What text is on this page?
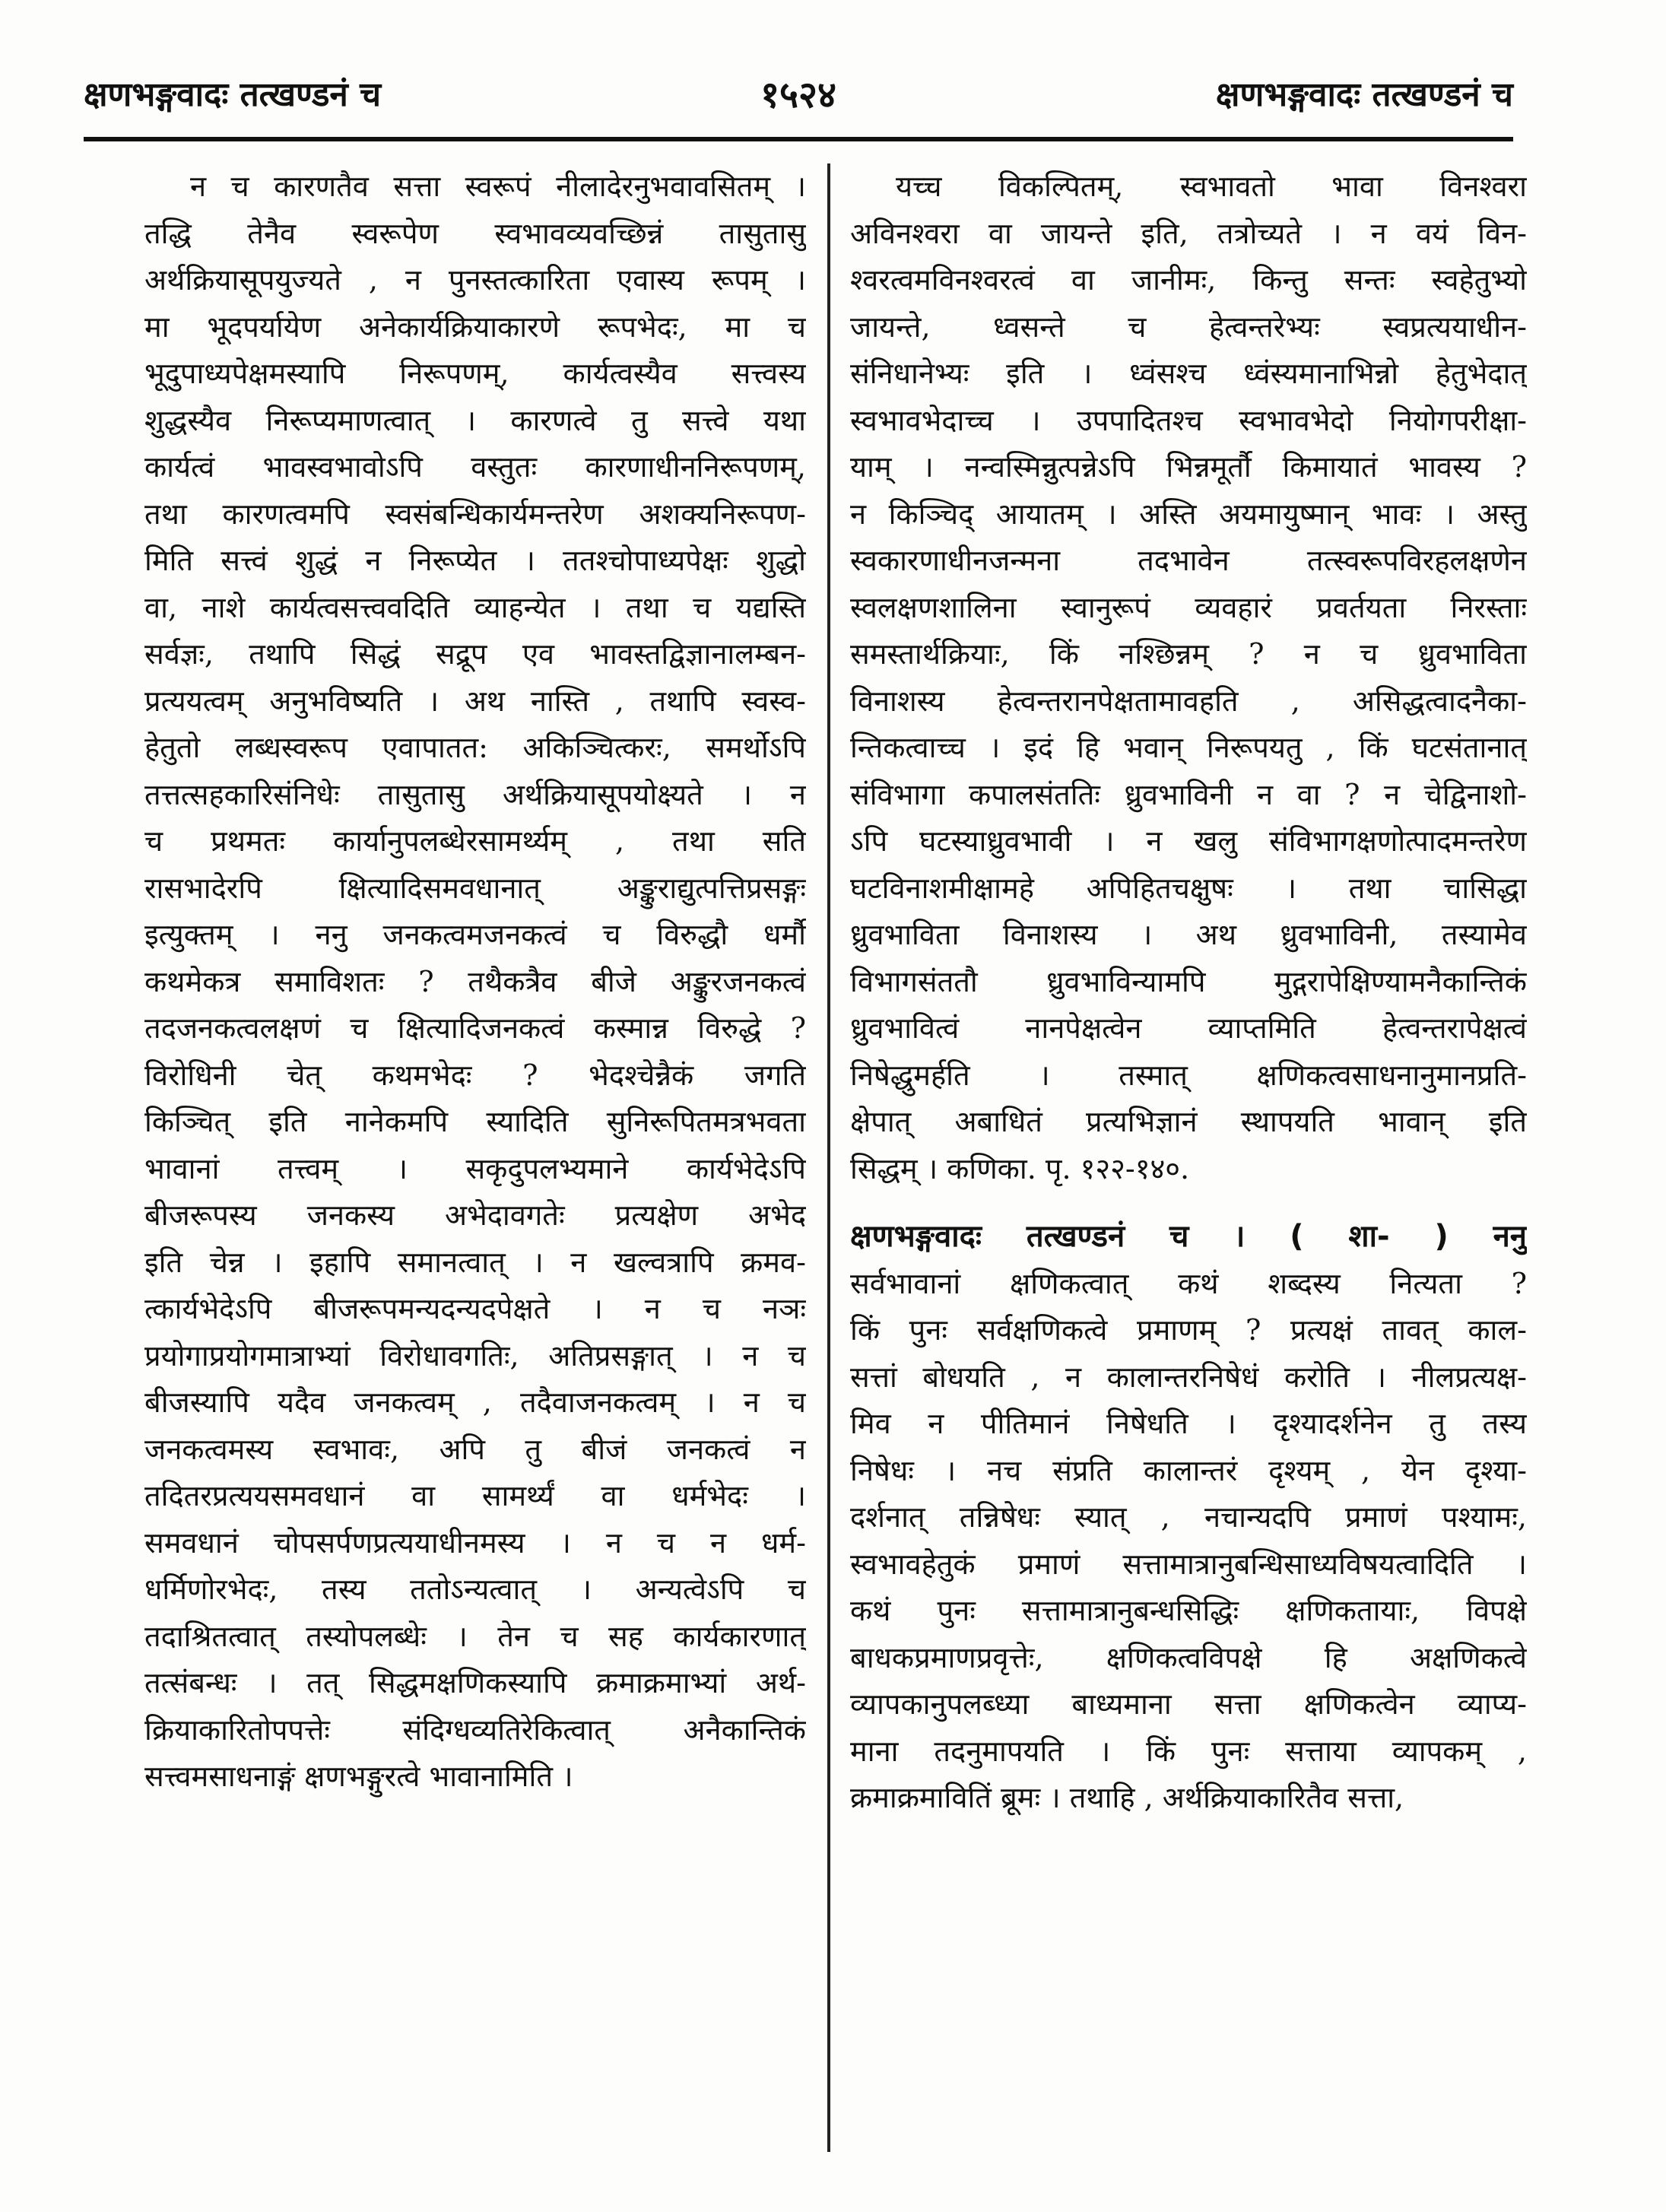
क्षणभङ्गवादः तत्खण्डनं च	१५२४	क्षणभङ्गवादः तत्खण्डनं च
न च कारणतैव सत्ता स्वरूपं नीलादेरनुभवावसितम् ।
तद्धि तेनैव स्वरूपेण स्वभावव्यवच्छिन्नं तासुतासु
अर्थक्रियासूपयुज्यते , न पुनस्तत्कारिता एवास्य रूपम् ।
मा भूदपर्यायेण अनेकार्यक्रियाकारणे रूपभेदः, मा च
भूदुपाध्यपेक्षमस्यापि निरूपणम्, कार्यत्वस्यैव सत्त्वस्य
शुद्धस्यैव निरूप्यमाणत्वात् । कारणत्वे तु सत्त्वे यथा
कार्यत्वं भावस्वभावोऽपि वस्तुतः कारणाधीननिरूपणम्,
तथा कारणत्वमपि स्वसंबन्धिकार्यमन्तरेण अशक्यनिरूपण-
मिति सत्त्वं शुद्धं न निरूप्येत । ततश्चोपाध्यपेक्षः शुद्धो
वा, नाशे कार्यत्वसत्त्ववदिति व्याहन्येत । तथा च यद्यस्ति
सर्वज्ञः, तथापि सिद्धं सद्रूप एव भावस्तद्विज्ञानालम्बन-
प्रत्ययत्वम् अनुभविष्यति । अथ नास्ति , तथापि स्वस्व-
हेतुतो लब्धस्वरूप एवापातत: अकिञ्चित्करः, समर्थोऽपि
तत्तत्सहकारिसंनिधेः तासुतासु अर्थक्रियासूपयोक्ष्यते । न
च प्रथमतः कार्यानुपलब्धेरसामर्थ्यम् , तथा सति
रासभादेरपि क्षित्यादिसमवधानात् अङ्कुराद्युत्पत्तिप्रसङ्गः
इत्युक्तम् । ननु जनकत्वमजनकत्वं च विरुद्धौ धर्मौ
कथमेकत्र समाविशतः ? तथैकत्रैव बीजे अङ्कुरजनकत्वं
तदजनकत्वलक्षणं च क्षित्यादिजनकत्वं कस्मान्न विरुद्धे ?
विरोधिनी चेत् कथमभेदः ? भेदश्चेन्नैकं जगति
किञ्चित् इति नानेकमपि स्यादिति सुनिरूपितमत्रभवता
भावानां तत्त्वम् । सकृदुपलभ्यमाने कार्यभेदेऽपि
बीजरूपस्य जनकस्य अभेदावगतेः प्रत्यक्षेण अभेद
इति चेन्न । इहापि समानत्वात् । न खल्वत्रापि क्रमव-
त्कार्यभेदेऽपि बीजरूपमन्यदन्यदपेक्षते । न च नञः
प्रयोगाप्रयोगमात्राभ्यां विरोधावगतिः, अतिप्रसङ्गात् । न च
बीजस्यापि यदैव जनकत्वम् , तदैवाजनकत्वम् । न च
जनकत्वमस्य स्वभावः, अपि तु बीजं जनकत्वं न
तदितरप्रत्ययसमवधानं वा सामर्थ्यं वा धर्मभेदः ।
समवधानं चोपसर्पणप्रत्ययाधीनमस्य । न च न धर्म-
धर्मिणोरभेदः, तस्य ततोऽन्यत्वात् । अन्यत्वेऽपि च
तदाश्रितत्वात् तस्योपलब्धेः । तेन च सह कार्यकारणात्
तत्संबन्धः । तत् सिद्धमक्षणिकस्यापि क्रमाक्रमाभ्यां अर्थ-
क्रियाकारितोपपत्तेः संदिग्धव्यतिरेकित्वात् अनैकान्तिकं
सत्त्वमसाधनाङ्गं क्षणभङ्गुरत्वे भावानामिति ।
यच्च विकल्पितम्, स्वभावतो भावा विनश्वरा
अविनश्वरा वा जायन्ते इति, तत्रोच्यते । न वयं विन-
श्वरत्वमविनश्वरत्वं वा जानीमः, किन्तु सन्तः स्वहेतुभ्यो
जायन्ते, ध्वसन्ते च हेत्वन्तरेभ्यः स्वप्रत्ययाधीन-
संनिधानेभ्यः इति । ध्वंसश्च ध्वंस्यमानाभिन्नो हेतुभेदात्
स्वभावभेदाच्च । उपपादितश्च स्वभावभेदो नियोगपरीक्षा-
याम् । नन्वस्मिन्नुत्पन्नेऽपि भिन्नमूर्तौ किमायातं भावस्य ?
न किञ्चिद् आयातम् । अस्ति अयमायुष्मान् भावः । अस्तु
स्वकारणाधीनजन्मना तदभावेन तत्स्वरूपविरहलक्षणेन
स्वलक्षणशालिना स्वानुरूपं व्यवहारं प्रवर्तयता निरस्ताः
समस्तार्थक्रियाः, किं नश्छिन्नम् ? न च ध्रुवभाविता
विनाशस्य हेत्वन्तरानपेक्षतामावहति , असिद्धत्वादनैका-
न्तिकत्वाच्च । इदं हि भवान् निरूपयतु , किं घटसंतानात्
संविभागा कपालसंततिः ध्रुवभाविनी न वा ? न चेद्विनाशो-
ऽपि घटस्याध्रुवभावी । न खलु संविभागक्षणोत्पादमन्तरेण
घटविनाशमीक्षामहे अपिहितचक्षुषः । तथा चासिद्धा
ध्रुवभाविता विनाशस्य । अथ ध्रुवभाविनी, तस्यामेव
विभागसंततौ ध्रुवभाविन्यामपि मुद्गरापेक्षिण्यामनैकान्तिकं
ध्रुवभावित्वं नानपेक्षत्वेन व्याप्तमिति हेत्वन्तरापेक्षत्वं
निषेद्धुमर्हति । तस्मात् क्षणिकत्वसाधनानुमानप्रति-
क्षेपात् अबाधितं प्रत्यभिज्ञानं स्थापयति भावान् इति
सिद्धम् । कणिका. पृ. १२२-१४०.
क्षणभङ्गवादः तत्खण्डनं च । ( शा- ) ननु
सर्वभावानां क्षणिकत्वात् कथं शब्दस्य नित्यता ?
किं पुनः सर्वक्षणिकत्वे प्रमाणम् ? प्रत्यक्षं तावत् काल-
सत्तां बोधयति , न कालान्तरनिषेधं करोति । नीलप्रत्यक्ष-
मिव न पीतिमानं निषेधति । दृश्यादर्शनेन तु तस्य
निषेधः । नच संप्रति कालान्तरं दृश्यम् , येन दृश्या-
दर्शनात् तन्निषेधः स्यात् , नचान्यदपि प्रमाणं पश्यामः,
स्वभावहेतुकं प्रमाणं सत्तामात्रानुबन्धिसाध्यविषयत्वादिति ।
कथं पुनः सत्तामात्रानुबन्धसिद्धिः क्षणिकतायाः, विपक्षे
बाधकप्रमाणप्रवृत्तेः, क्षणिकत्वविपक्षे हि अक्षणिकत्वे
व्यापकानुपलब्ध्या बाध्यमाना सत्ता क्षणिकत्वेन व्याप्य-
माना तदनुमापयति । किं पुनः सत्ताया व्यापकम् ,
क्रमाक्रमावितिं ब्रूमः । तथाहि , अर्थक्रियाकारितैव सत्ता,
